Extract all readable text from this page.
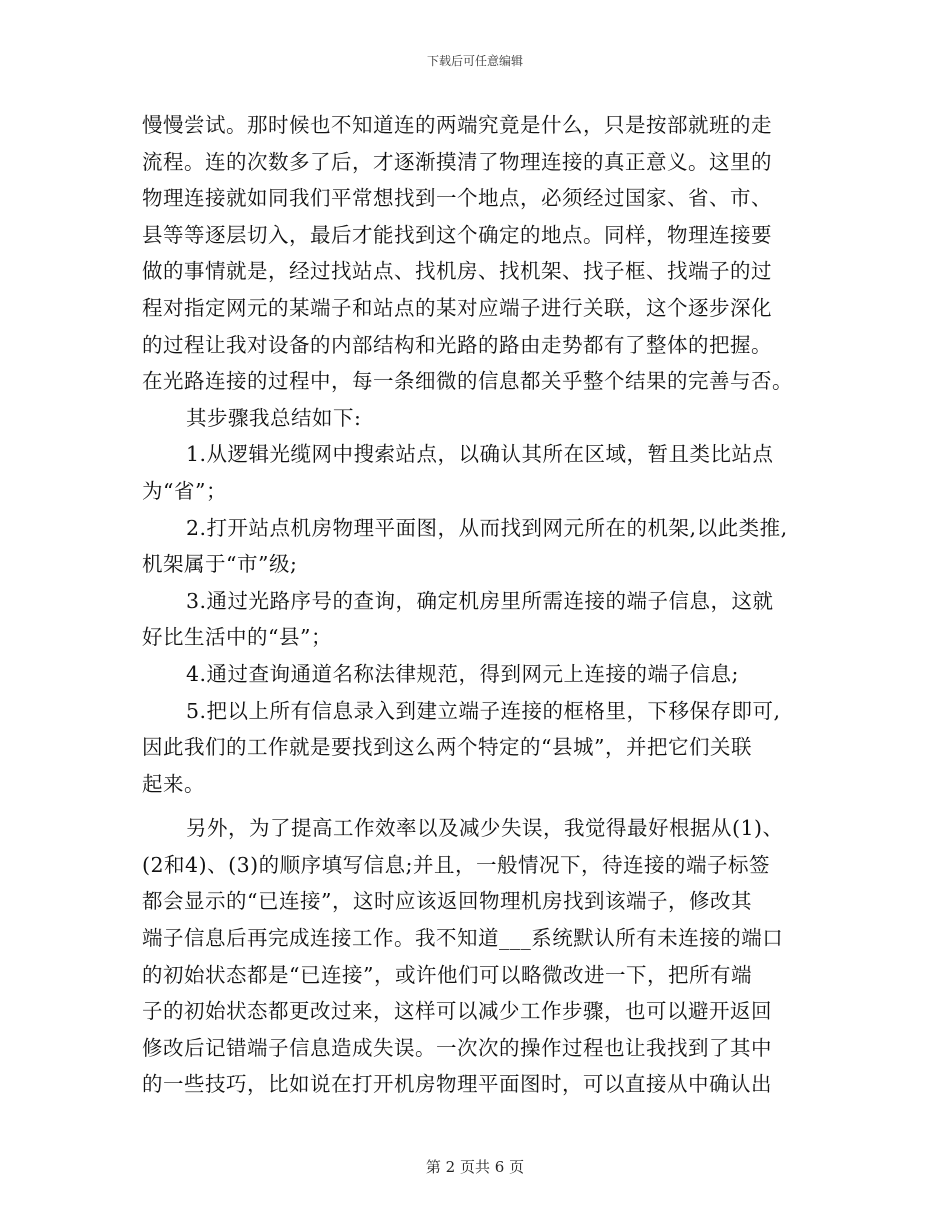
下载后可任意编辑
慢慢尝试。那时候也不知道连的两端究竟是什么，只是按部就班的走
流程。连的次数多了后，才逐渐摸清了物理连接的真正意义。这里的
物理连接就如同我们平常想找到一个地点，必须经过国家、省、市、
县等等逐层切入，最后才能找到这个确定的地点。同样，物理连接要
做的事情就是，经过找站点、找机房、找机架、找子框、找端子的过
程对指定网元的某端子和站点的某对应端子进行关联，这个逐步深化
的过程让我对设备的内部结构和光路的路由走势都有了整体的把握。
在光路连接的过程中，每一条细微的信息都关乎整个结果的完善与否。
其步骤我总结如下:
1.从逻辑光缆网中搜索站点，以确认其所在区域，暂且类比站点
为“省”；
2.打开站点机房物理平面图，从而找到网元所在的机架,以此类推,
机架属于“市”级;
3.通过光路序号的查询，确定机房里所需连接的端子信息，这就
好比生活中的“县”；
4.通过查询通道名称法律规范，得到网元上连接的端子信息;
5.把以上所有信息录入到建立端子连接的框格里，下移保存即可,
因此我们的工作就是要找到这么两个特定的“县城”，并把它们关联
起来。
另外，为了提高工作效率以及减少失误，我觉得最好根据从(1)、
(2和4)、(3)的顺序填写信息;并且，一般情况下，待连接的端子标签
都会显示的“已连接”，这时应该返回物理机房找到该端子，修改其
端子信息后再完成连接工作。我不知道___系统默认所有未连接的端口
的初始状态都是“已连接”，或许他们可以略微改进一下，把所有端
子的初始状态都更改过来，这样可以减少工作步骤，也可以避开返回
修改后记错端子信息造成失误。一次次的操作过程也让我找到了其中
的一些技巧，比如说在打开机房物理平面图时，可以直接从中确认出
第 2 页共 6 页
